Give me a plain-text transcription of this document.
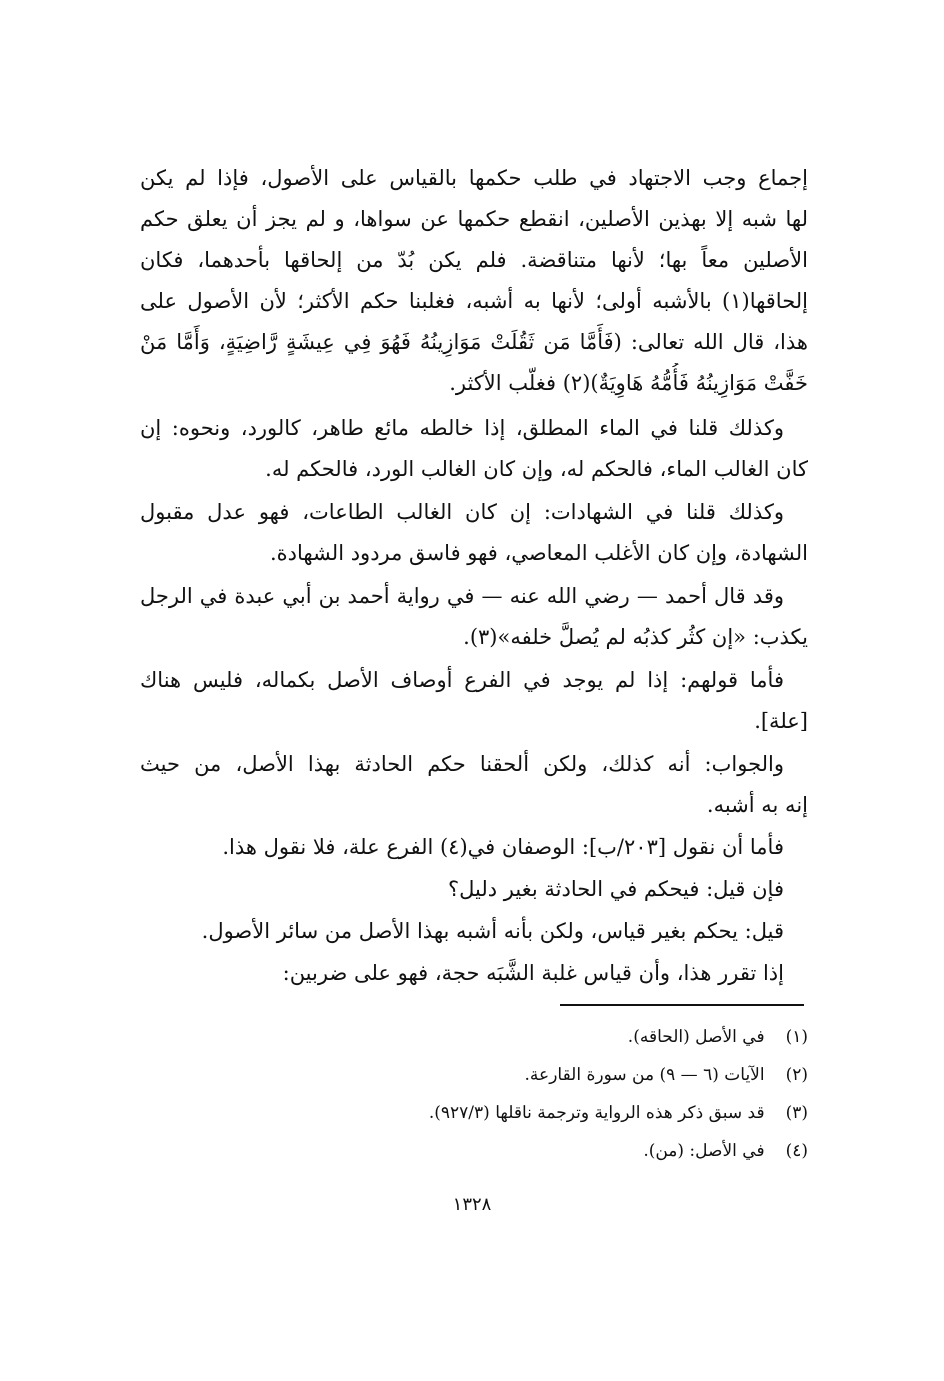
إجماع وجب الاجتهاد في طلب حكمها بالقياس على الأصول، فإذا لم يكن
لها شبه إلا بهذين الأصلين، انقطع حكمها عن سواها، و لم يجز أن يعلق حكم
الأصلين معاً بها؛ لأنها متناقضة. فلم يكن بُدّ من إلحاقها بأحدهما، فكان
إلحاقها(١) بالأشبه أولى؛ لأنها به أشبه، فغلبنا حكم الأكثر؛ لأن الأصول على
هذا، قال الله تعالى: (فَأَمَّا مَن ثَقُلَتْ مَوَازِينُهُ فَهُوَ فِي عِيشَةٍ رَّاضِيَةٍ، وَأَمَّا مَنْ
خَفَّتْ مَوَازِينُهُ فَأُمُّهُ هَاوِيَةٌ)(٢) فغلّب الأكثر.
وكذلك قلنا في الماء المطلق، إذا خالطه مائع طاهر، كالورد، ونحوه: إن
كان الغالب الماء، فالحكم له، وإن كان الغالب الورد، فالحكم له.
وكذلك قلنا في الشهادات: إن كان الغالب الطاعات، فهو عدل مقبول
الشهادة، وإن كان الأغلب المعاصي، فهو فاسق مردود الشهادة.
وقد قال أحمد — رضي الله عنه — في رواية أحمد بن أبي عبدة في الرجل
يكذب: «إن كثُر كذبُه لم يُصلَّ خلفه»(٣).
فأما قولهم: إذا لم يوجد في الفرع أوصاف الأصل بكماله، فليس هناك
[علة].
والجواب: أنه كذلك، ولكن ألحقنا حكم الحادثة بهذا الأصل، من حيث
إنه به أشبه.
فأما أن نقول [٢٠٣/ب]: الوصفان في(٤) الفرع علة، فلا نقول هذا.
فإن قيل: فيحكم في الحادثة بغير دليل؟
قيل: يحكم بغير قياس، ولكن بأنه أشبه بهذا الأصل من سائر الأصول.
إذا تقرر هذا، وأن قياس غلبة الشَّبَه حجة، فهو على ضربين:
(١) في الأصل (الحاقه).
(٢) الآيات (٦ — ٩) من سورة القارعة.
(٣) قد سبق ذكر هذه الرواية وترجمة ناقلها (٩٢٧/٣).
(٤) في الأصل: (من).
١٣٢٨
